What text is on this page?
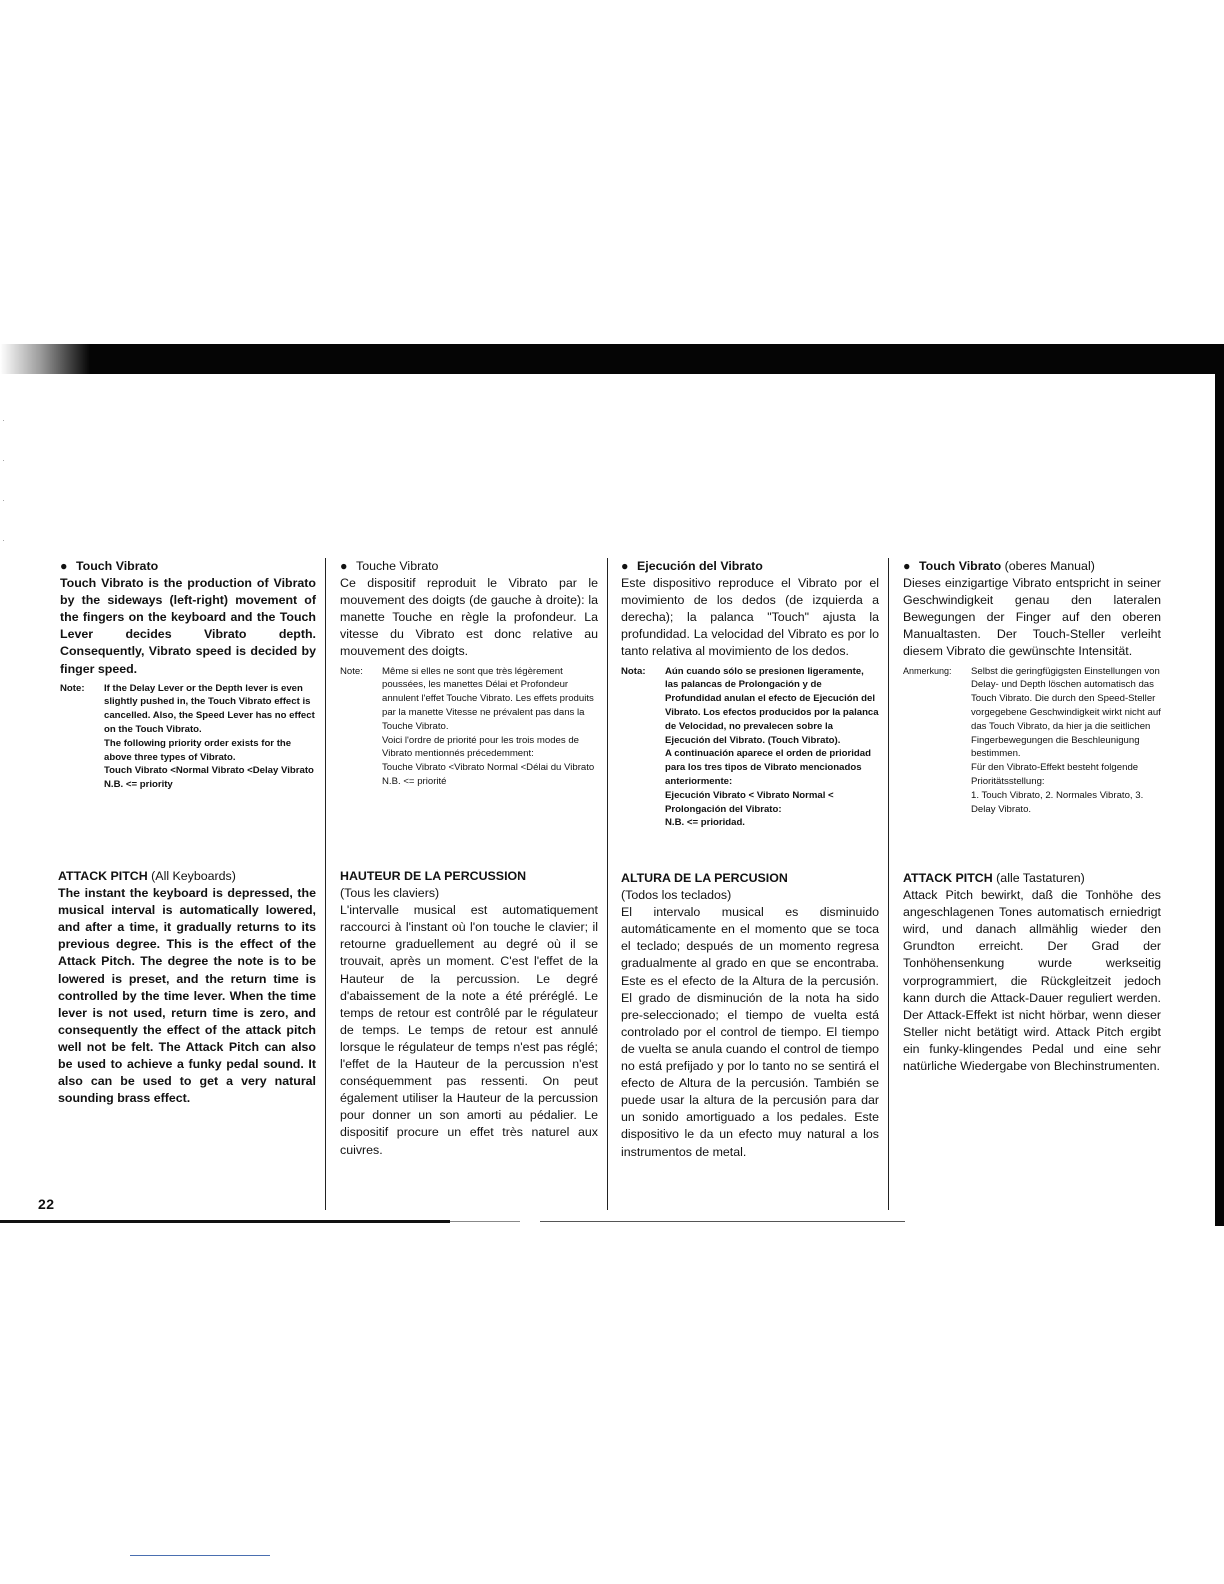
·
·
·
·
● Touch Vibrato

Touch Vibrato is the production of Vibrato by the sideways (left-right) movement of the fingers on the keyboard and the Touch Lever decides Vibrato depth. Consequently, Vibrato speed is decided by finger speed.

Note:	If the Delay Lever or the Depth lever is even slightly pushed in, the Touch Vibrato effect is cancelled. Also, the Speed Lever has no effect on the Touch Vibrato.

The following priority order exists for the above three types of Vibrato.

Touch Vibrato <Normal Vibrato <Delay Vibrato

N.B. <= priority

ATTACK PITCH (All Keyboards)

The instant the keyboard is depressed, the musical interval is automatically lowered, and after a time, it gradually returns to its previous degree. This is the effect of the Attack Pitch. The degree the note is to be lowered is preset, and the return time is controlled by the time lever. When the time lever is not used, return time is zero, and consequently the effect of the attack pitch well not be felt. The Attack Pitch can also be used to achieve a funky pedal sound. It also can be used to get a very natural sounding brass effect.

● Touche Vibrato

Ce dispositif reproduit le Vibrato par le mouvement des doigts (de gauche à droite): la manette Touche en règle la profondeur. La vitesse du Vibrato est donc relative au mouvement des doigts.

Note:	Même si elles ne sont que très légèrement poussées, les manettes Délai et Profondeur annulent l'effet Touche Vibrato. Les effets produits par la manette Vitesse ne prévalent pas dans la Touche Vibrato.

Voici l'ordre de priorité pour les trois modes de Vibrato mentionnés précedemment:

Touche Vibrato <Vibrato Normal <Délai du Vibrato

N.B. <= priorité

HAUTEUR DE LA PERCUSSION
(Tous les claviers)

L'intervalle musical est automatiquement raccourci à l'instant où l'on touche le clavier; il retourne graduellement au degré où il se trouvait, après un moment. C'est l'effet de la Hauteur de la percussion. Le degré d'abaissement de la note a été préréglé. Le temps de retour est contrôlé par le régulateur de temps. Le temps de retour est annulé lorsque le régulateur de temps n'est pas réglé; l'effet de la Hauteur de la percussion n'est conséquemment pas ressenti. On peut également utiliser la Hauteur de la percussion pour donner un son amorti au pédalier. Le dispositif procure un effet très naturel aux cuivres.

● Ejecución del Vibrato

Este dispositivo reproduce el Vibrato por el movimiento de los dedos (de izquierda a derecha); la palanca "Touch" ajusta la profundidad. La velocidad del Vibrato es por lo tanto relativa al movimiento de los dedos.

Nota:	Aún cuando sólo se presionen ligeramente, las palancas de Prolongación y de Profundidad anulan el efecto de Ejecución del Vibrato. Los efectos producidos por la palanca de Velocidad, no prevalecen sobre la Ejecución del Vibrato. (Touch Vibrato).

A continuación aparece el orden de prioridad para los tres tipos de Vibrato mencionados anteriormente:

Ejecución Vibrato < Vibrato Normal < Prolongación del Vibrato:

N.B. <= prioridad.

ALTURA DE LA PERCUSION
(Todos los teclados)

El intervalo musical es disminuido automáticamente en el momento que se toca el teclado; después de un momento regresa gradualmente al grado en que se encontraba. Este es el efecto de la Altura de la percusión. El grado de disminución de la nota ha sido pre-seleccionado; el tiempo de vuelta está controlado por el control de tiempo. El tiempo de vuelta se anula cuando el control de tiempo no está prefijado y por lo tanto no se sentirá el efecto de Altura de la percusión. También se puede usar la altura de la percusión para dar un sonido amortiguado a los pedales. Este dispositivo le da un efecto muy natural a los instrumentos de metal.

● Touch Vibrato (oberes Manual)

Dieses einzigartige Vibrato entspricht in seiner Geschwindigkeit genau den lateralen Bewegungen der Finger auf den oberen Manualtasten. Der Touch-Steller verleiht diesem Vibrato die gewünschte Intensität.

Anmerkung:	Selbst die geringfügigsten Einstellungen von Delay- und Depth löschen automatisch das Touch Vibrato. Die durch den Speed-Steller vorgegebene Geschwindigkeit wirkt nicht auf das Touch Vibrato, da hier ja die seitlichen Fingerbewegungen die Beschleunigung bestimmen.

Für den Vibrato-Effekt besteht folgende Prioritätsstellung:

1. Touch Vibrato, 2. Normales Vibrato, 3. Delay Vibrato.

ATTACK PITCH (alle Tastaturen)

Attack Pitch bewirkt, daß die Tonhöhe des angeschlagenen Tones automatisch erniedrigt wird, und danach allmählig wieder den Grundton erreicht. Der Grad der Tonhöhensenkung wurde werkseitig vorprogrammiert, die Rückgleitzeit jedoch kann durch die Attack-Dauer reguliert werden. Der Attack-Effekt ist nicht hörbar, wenn dieser Steller nicht betätigt wird. Attack Pitch ergibt ein funky-klingendes Pedal und eine sehr natürliche Wiedergabe von Blechinstrumenten.

22
